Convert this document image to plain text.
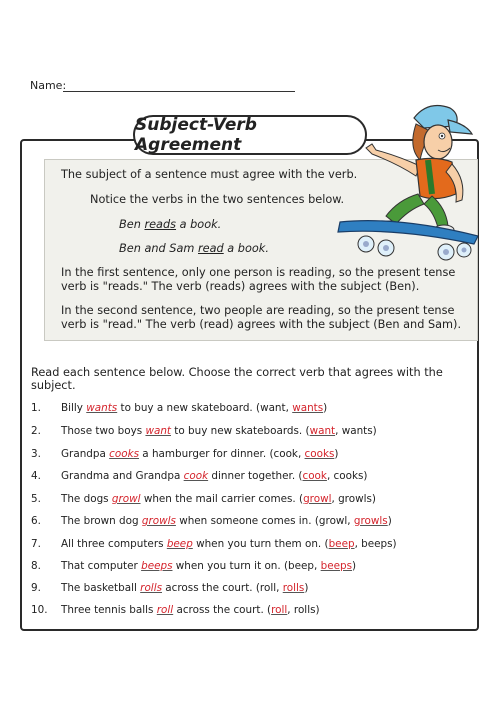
Name:
Subject-Verb Agreement

The subject of a sentence must agree with the verb.

Notice the verbs in the two sentences below.

Ben reads a book.

Ben and Sam read a book.

In the first sentence, only one person is reading, so the present tense

verb is "reads." The verb (reads) agrees with the subject (Ben).

In the second sentence, two people are reading, so the present tense

verb is "read." The verb (read) agrees with the subject (Ben and Sam).

Read each sentence below. Choose the correct verb that agrees with the
subject.
1. Billy wants to buy a new skateboard. (want, wants)
2. Those two boys want to buy new skateboards. (want, wants)
3. Grandpa cooks a hamburger for dinner. (cook, cooks)
4. Grandma and Grandpa cook dinner together. (cook, cooks)
5. The dogs growl when the mail carrier comes. (growl, growls)
6. The brown dog growls when someone comes in. (growl, growls)
7. All three computers beep when you turn them on. (beep, beeps)
8. That computer beeps when you turn it on. (beep, beeps)
9. The basketball rolls across the court. (roll, rolls)
10. Three tennis balls roll across the court. (roll, rolls)
